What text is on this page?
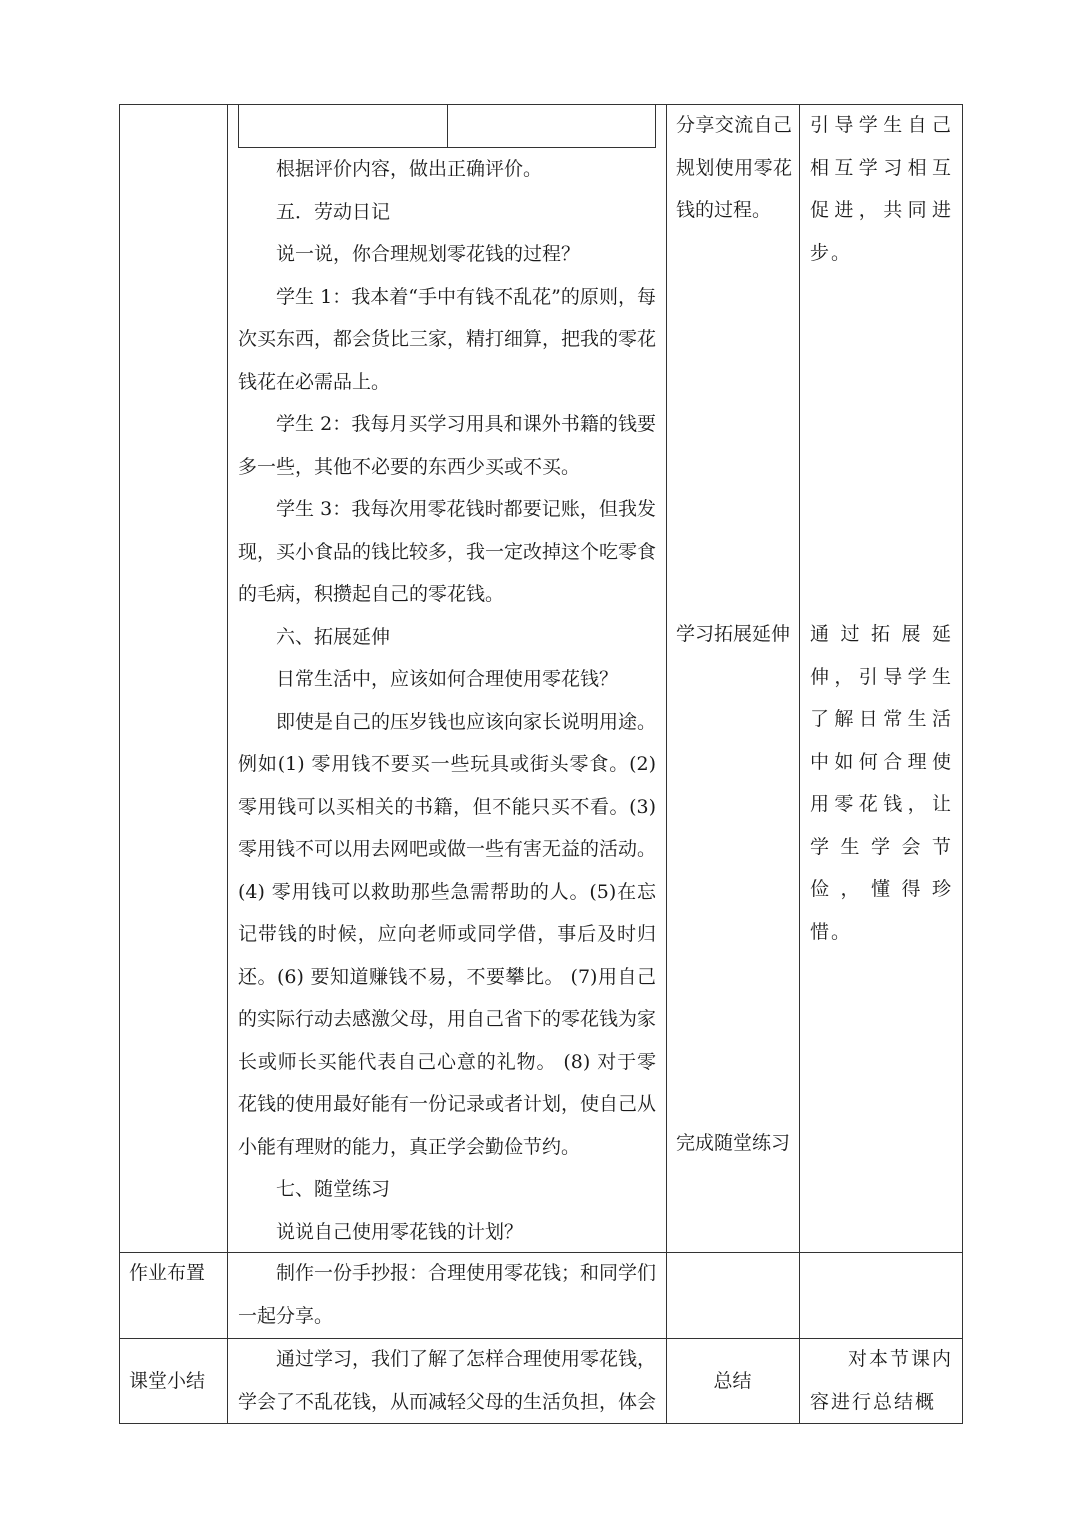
根据评价内容，做出正确评价。

五．劳动日记

说一说，你合理规划零花钱的过程？

学生 1：我本着“手中有钱不乱花”的原则，每次买东西，都会货比三家，精打细算，把我的零花钱花在必需品上。

学生 2：我每月买学习用具和课外书籍的钱要多一些，其他不必要的东西少买或不买。

学生 3：我每次用零花钱时都要记账，但我发现，买小食品的钱比较多，我一定改掉这个吃零食的毛病，积攒起自己的零花钱。

六、拓展延伸

日常生活中，应该如何合理使用零花钱？

即使是自己的压岁钱也应该向家长说明用途。例如(1) 零用钱不要买一些玩具或街头零食。(2)零用钱可以买相关的书籍，但不能只买不看。(3) 零用钱不可以用去网吧或做一些有害无益的活动。(4) 零用钱可以救助那些急需帮助的人。(5)在忘记带钱的时候，应向老师或同学借，事后及时归还。(6) 要知道赚钱不易，不要攀比。 (7)用自己的实际行动去感激父母，用自己省下的零花钱为家长或师长买能代表自己心意的礼物。 (8) 对于零花钱的使用最好能有一份记录或者计划，使自己从小能有理财的能力，真正学会勤俭节约。

七、随堂练习

说说自己使用零花钱的计划？

分享交流自己规划使用零花钱的过程。
学习拓展延伸
完成随堂练习
引导学生自己相互学习相互促进，共同进步。
通过拓展延伸，引导学生了解日常生活中如何合理使用零花钱，让学生学会节俭，懂得珍惜。
作业布置	制作一份手抄报：合理使用零花钱；和同学们一起分享。

课堂小结

通过学习，我们了解了怎样合理使用零花钱，学会了不乱花钱，从而减轻父母的生活负担，体会

总结

对本节课内容进行总结概
